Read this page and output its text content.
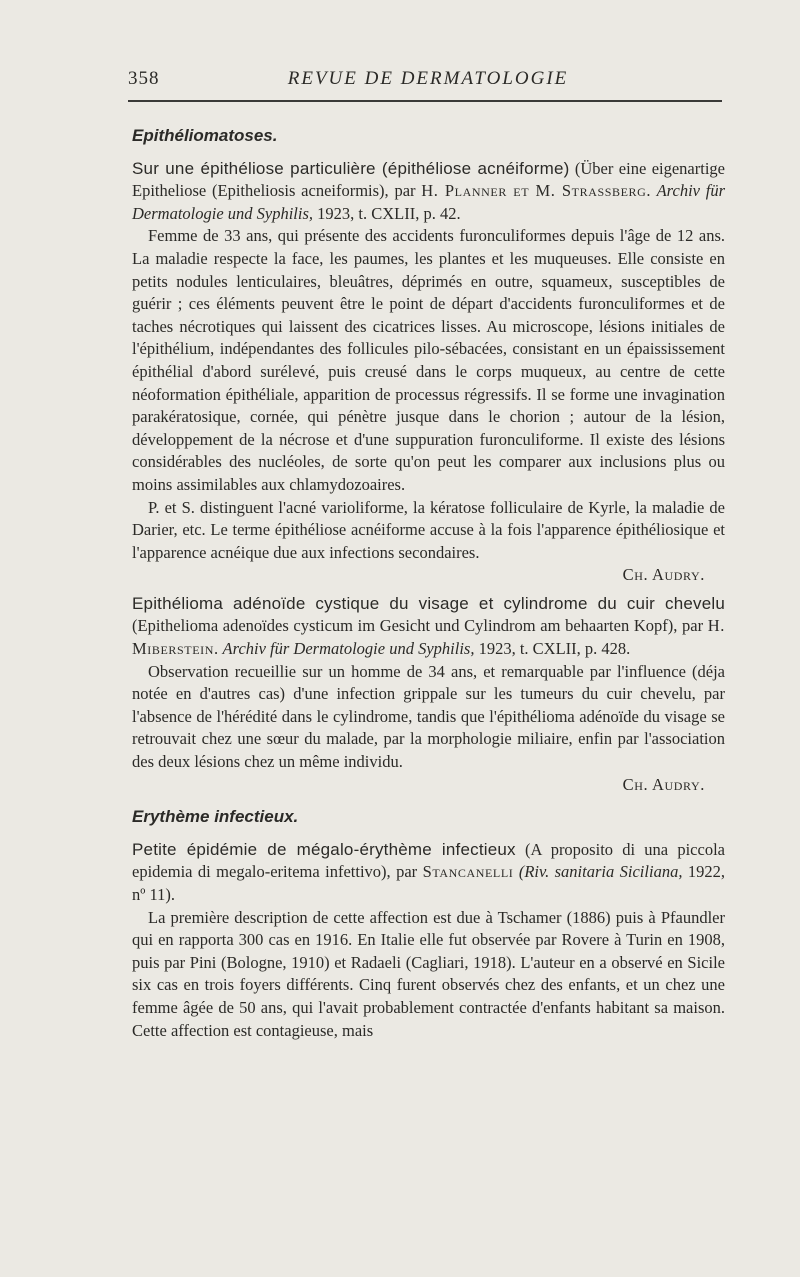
358	REVUE DE DERMATOLOGIE
Epithéliomatoses.

Sur une épithéliose particulière (épithéliose acnéiforme) (Über eine eigenartige Epitheliose (Epitheliosis acneiformis), par H. Planner et M. Strassberg. Archiv für Dermatologie und Syphilis, 1923, t. CXLII, p. 42.

Femme de 33 ans, qui présente des accidents furonculiformes depuis l'âge de 12 ans. La maladie respecte la face, les paumes, les plantes et les muqueuses. Elle consiste en petits nodules lenticulaires, bleuâtres, déprimés en outre, squameux, susceptibles de guérir ; ces éléments peuvent être le point de départ d'accidents furonculiformes et de taches nécrotiques qui laissent des cicatrices lisses. Au microscope, lésions initiales de l'épithélium, indépendantes des follicules pilo-sébacées, consistant en un épaississement épithélial d'abord surélevé, puis creusé dans le corps muqueux, au centre de cette néoformation épithéliale, apparition de processus régressifs. Il se forme une invagination parakératosique, cornée, qui pénètre jusque dans le chorion ; autour de la lésion, développement de la nécrose et d'une suppuration furonculiforme. Il existe des lésions considérables des nucléoles, de sorte qu'on peut les comparer aux inclusions plus ou moins assimilables aux chlamydozoaires.

P. et S. distinguent l'acné varioliforme, la kératose folliculaire de Kyrle, la maladie de Darier, etc. Le terme épithéliose acnéiforme accuse à la fois l'apparence épithéliosique et l'apparence acnéique due aux infections secondaires.

Ch. Audry.

Epithélioma adénoïde cystique du visage et cylindrome du cuir chevelu (Epithelioma adenoïdes cysticum im Gesicht und Cylindrom am behaarten Kopf), par H. Miberstein. Archiv für Dermatologie und Syphilis, 1923, t. CXLII, p. 428.

Observation recueillie sur un homme de 34 ans, et remarquable par l'influence (déja notée en d'autres cas) d'une infection grippale sur les tumeurs du cuir chevelu, par l'absence de l'hérédité dans le cylindrome, tandis que l'épithélioma adénoïde du visage se retrouvait chez une sœur du malade, par la morphologie miliaire, enfin par l'association des deux lésions chez un même individu.

Ch. Audry.

Erythème infectieux.

Petite épidémie de mégalo-érythème infectieux (A proposito di una piccola epidemia di megalo-eritema infettivo), par Stancanelli (Riv. sanitaria Siciliana, 1922, nº 11).

La première description de cette affection est due à Tschamer (1886) puis à Pfaundler qui en rapporta 300 cas en 1916. En Italie elle fut observée par Rovere à Turin en 1908, puis par Pini (Bologne, 1910) et Radaeli (Cagliari, 1918). L'auteur en a observé en Sicile six cas en trois foyers différents. Cinq furent observés chez des enfants, et un chez une femme âgée de 50 ans, qui l'avait probablement contractée d'enfants habitant sa maison. Cette affection est contagieuse, mais
